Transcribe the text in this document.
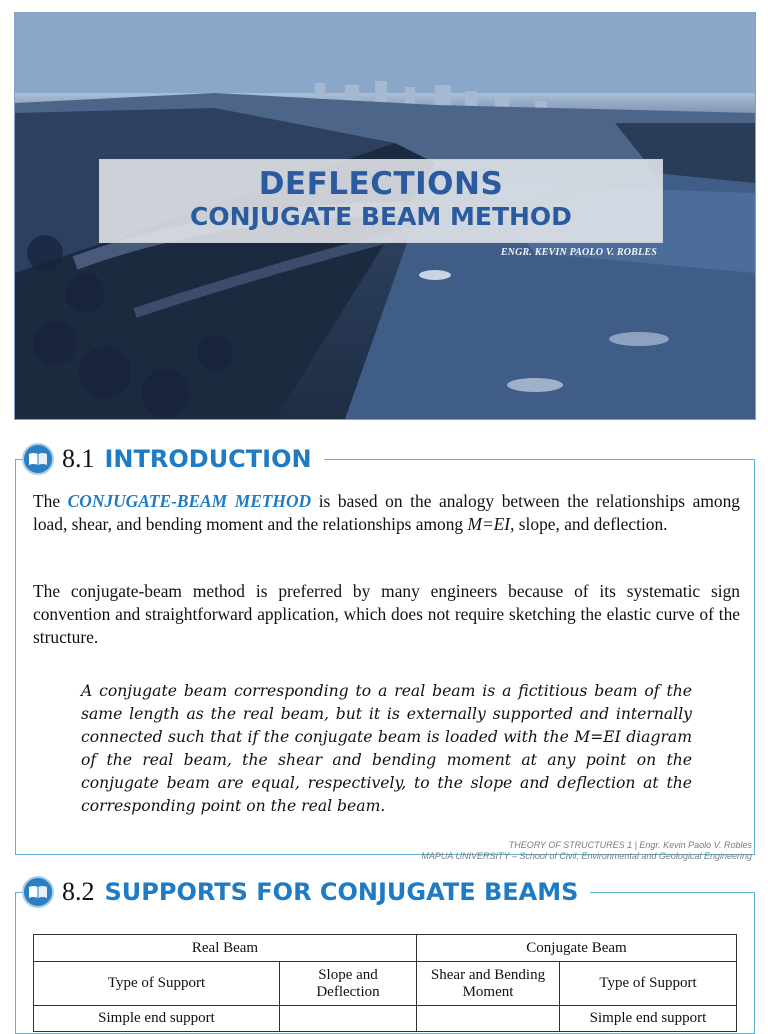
DEFLECTIONS
CONJUGATE BEAM METHOD
ENGR. KEVIN PAOLO V. ROBLES
8.1 INTRODUCTION
The CONJUGATE-BEAM METHOD is based on the analogy between the relationships among load, shear, and bending moment and the relationships among M=EI, slope, and deflection.
The conjugate-beam method is preferred by many engineers because of its systematic sign convention and straightforward application, which does not require sketching the elastic curve of the structure.
A conjugate beam corresponding to a real beam is a fictitious beam of the same length as the real beam, but it is externally supported and internally connected such that if the conjugate beam is loaded with the M=EI diagram of the real beam, the shear and bending moment at any point on the conjugate beam are equal, respectively, to the slope and deflection at the corresponding point on the real beam.
THEORY OF STRUCTURES 1 | Engr. Kevin Paolo V. Robles
MAPUA UNIVERSITY – School of Civil, Environmental and Geological Engineering
8.2 SUPPORTS FOR CONJUGATE BEAMS
Real Beam		Conjugate Beam	
Type of Support	Slope and Deflection	Shear and Bending Moment	Type of Support
Simple end support			Simple end support
